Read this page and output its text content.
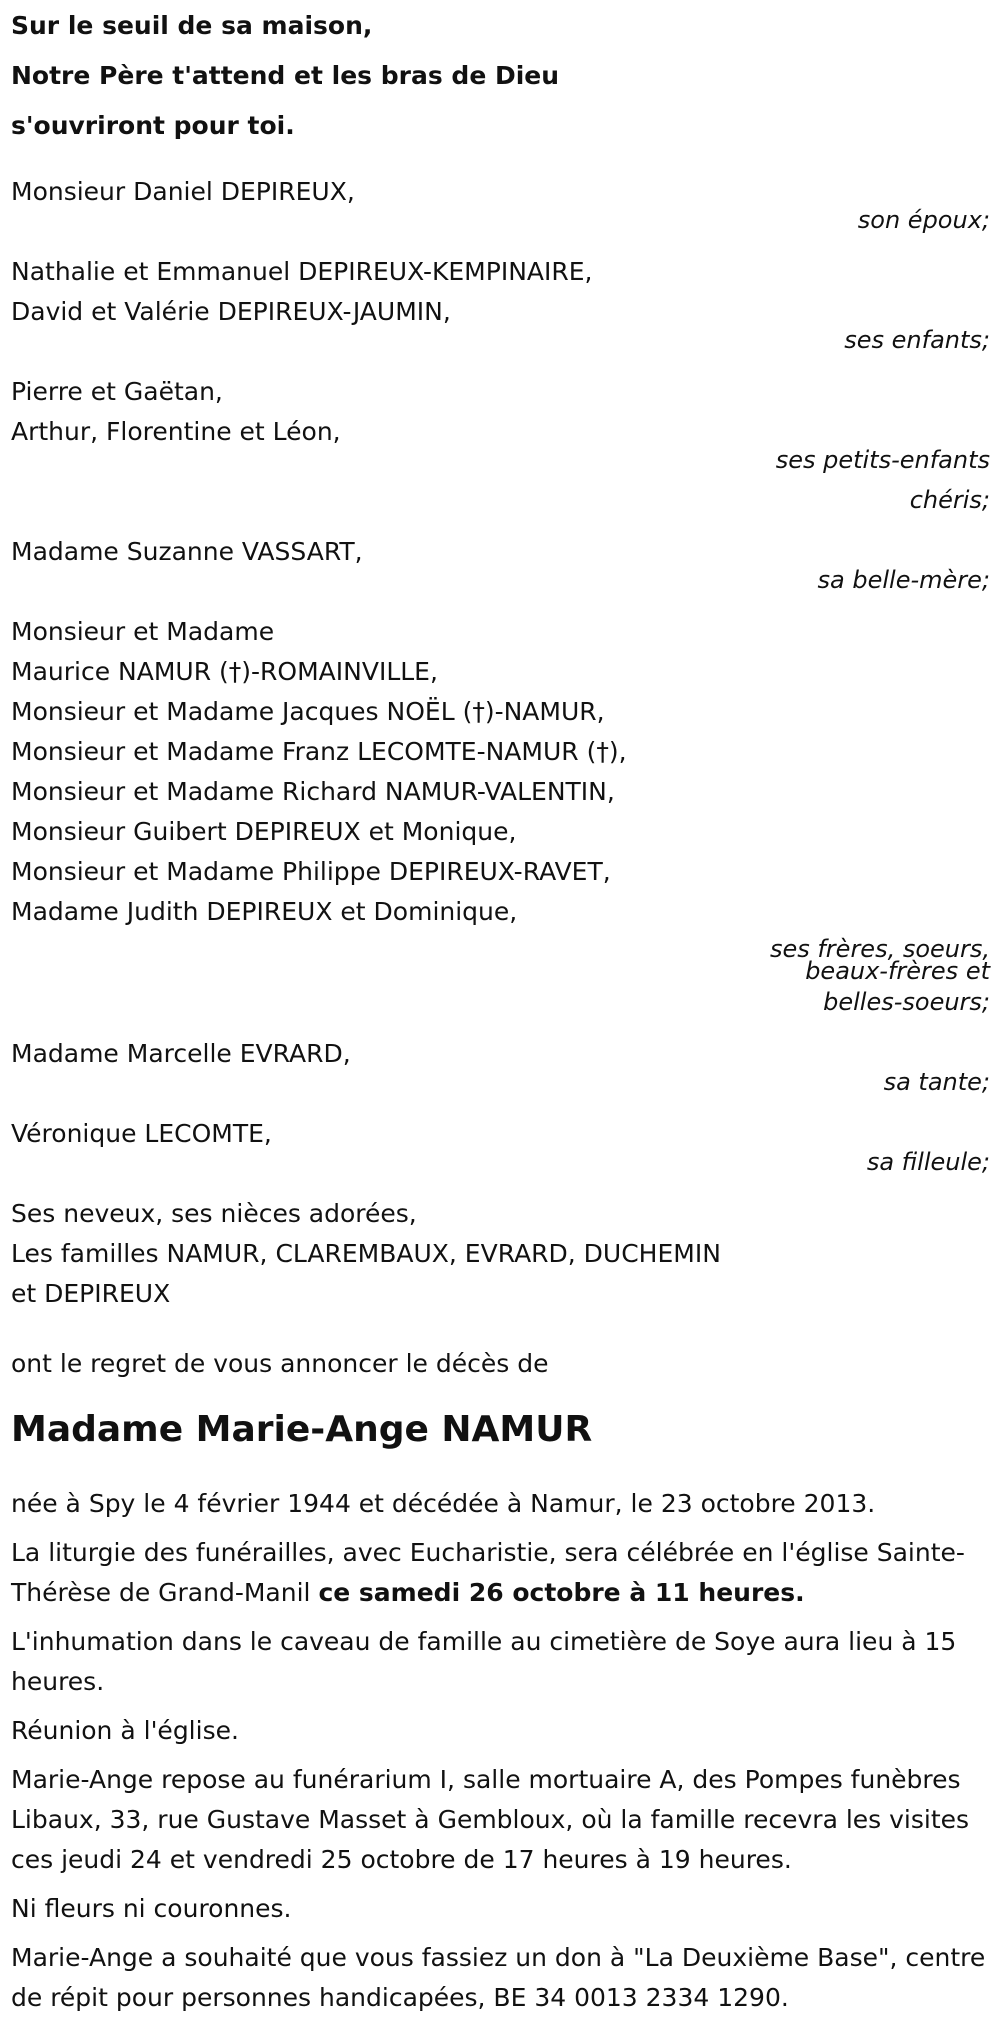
Sur le seuil de sa maison,
Notre Père t'attend et les bras de Dieu
s'ouvriront pour toi.
Monsieur Daniel DEPIREUX,
son époux;
Nathalie et Emmanuel DEPIREUX-KEMPINAIRE,
David et Valérie DEPIREUX-JAUMIN,
ses enfants;
Pierre et Gaëtan,
Arthur, Florentine et Léon,
ses petits-enfants
chéris;
Madame Suzanne VASSART,
sa belle-mère;
Monsieur et Madame
Maurice NAMUR (†)-ROMAINVILLE,
Monsieur et Madame Jacques NOËL (†)-NAMUR,
Monsieur et Madame Franz LECOMTE-NAMUR (†),
Monsieur et Madame Richard NAMUR-VALENTIN,
Monsieur Guibert DEPIREUX et Monique,
Monsieur et Madame Philippe DEPIREUX-RAVET,
Madame Judith DEPIREUX et Dominique,
ses frères, soeurs,
beaux-frères et
belles-soeurs;
Madame Marcelle EVRARD,
sa tante;
Véronique LECOMTE,
sa filleule;
Ses neveux, ses nièces adorées,
Les familles NAMUR, CLAREMBAUX, EVRARD, DUCHEMIN
et DEPIREUX
ont le regret de vous annoncer le décès de
Madame Marie-Ange NAMUR
née à Spy le 4 février 1944 et décédée à Namur, le 23 octobre 2013.
La liturgie des funérailles, avec Eucharistie, sera célébrée en l'église Sainte-Thérèse de Grand-Manil ce samedi 26 octobre à 11 heures.
L'inhumation dans le caveau de famille au cimetière de Soye aura lieu à 15 heures.
Réunion à l'église.
Marie-Ange repose au funérarium I, salle mortuaire A, des Pompes funèbres Libaux, 33, rue Gustave Masset à Gembloux, où la famille recevra les visites ces jeudi 24 et vendredi 25 octobre de 17 heures à 19 heures.
Ni fleurs ni couronnes.
Marie-Ange a souhaité que vous fassiez un don à "La Deuxième Base", centre de répit pour personnes handicapées, BE 34 0013 2334 1290.
